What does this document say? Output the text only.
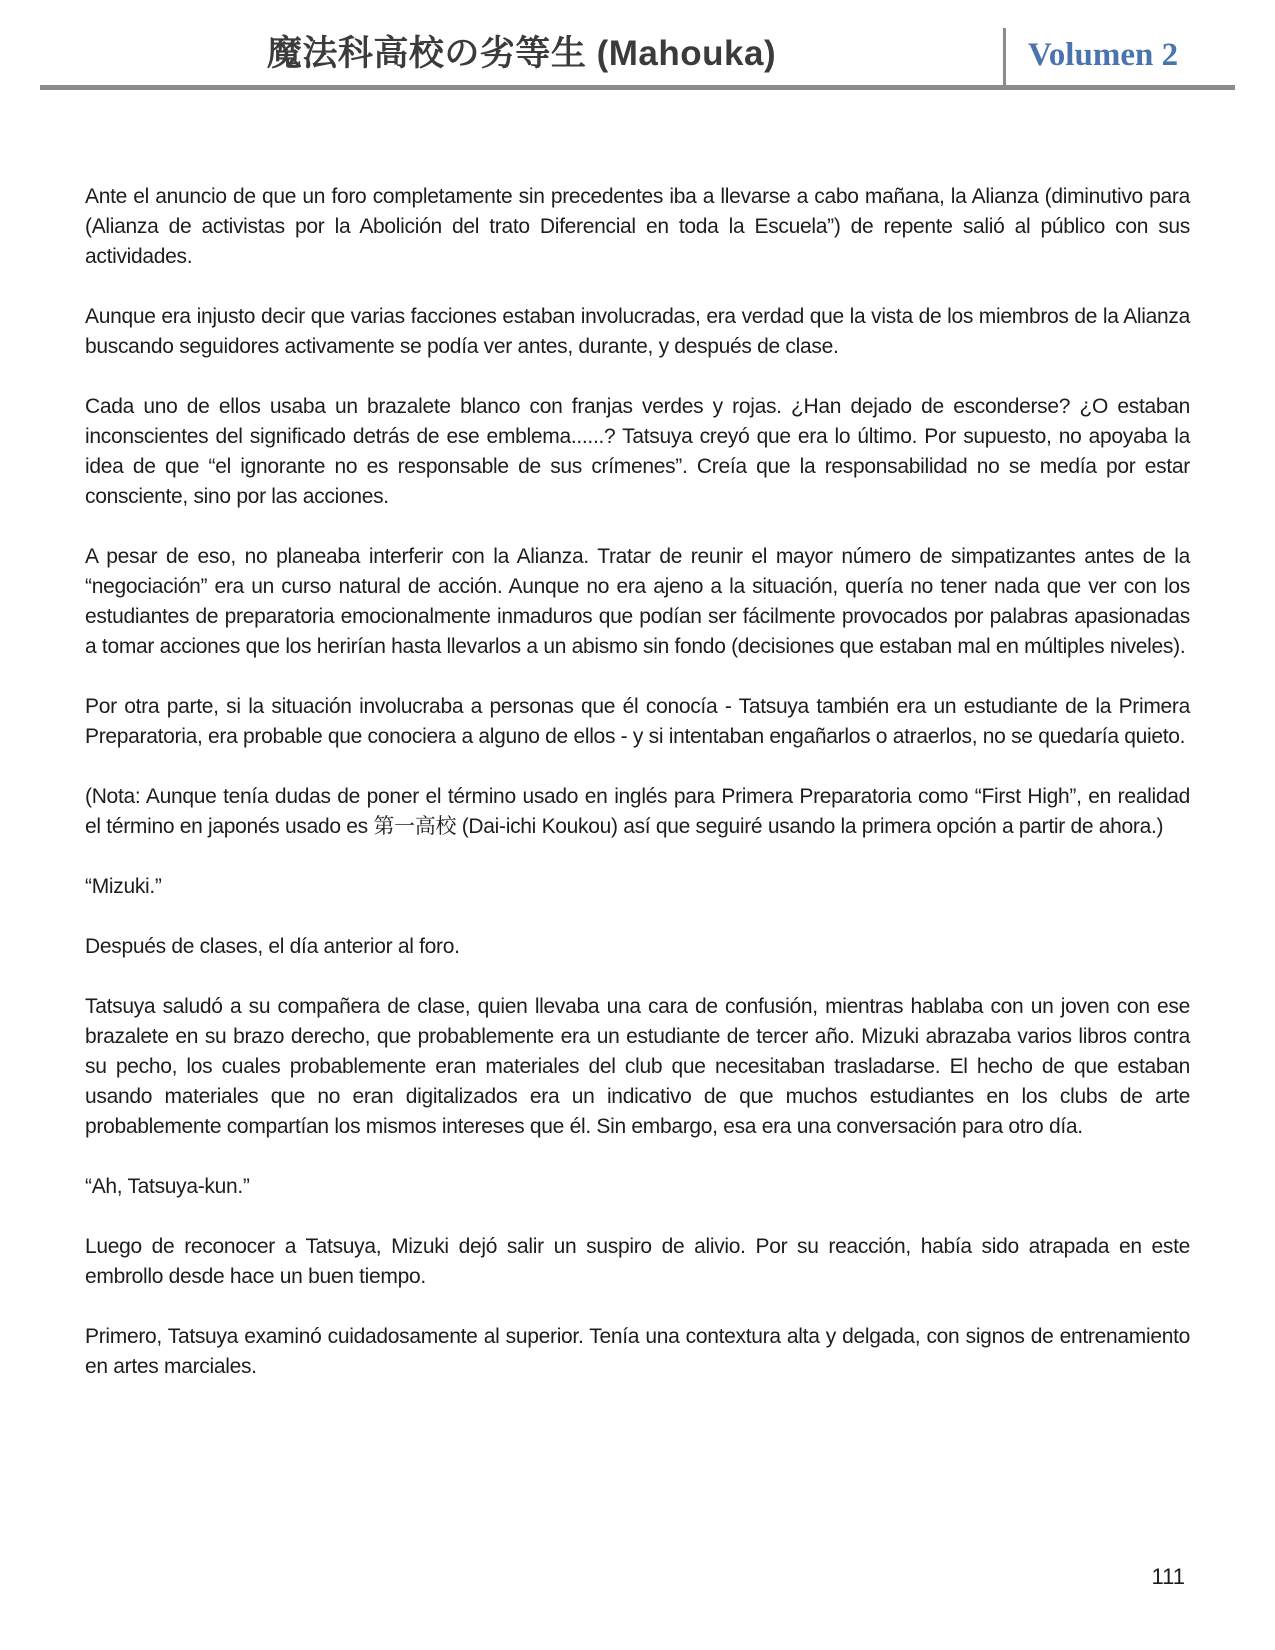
魔法科高校の劣等生 (Mahouka)	Volumen 2

Ante el anuncio de que un foro completamente sin precedentes iba a llevarse a cabo mañana, la Alianza (diminutivo para (Alianza de activistas por la Abolición del trato Diferencial en toda la Escuela”) de repente salió al público con sus actividades.

Aunque era injusto decir que varias facciones estaban involucradas, era verdad que la vista de los miembros de la Alianza buscando seguidores activamente se podía ver antes, durante, y después de clase.

Cada uno de ellos usaba un brazalete blanco con franjas verdes y rojas. ¿Han dejado de esconderse? ¿O estaban inconscientes del significado detrás de ese emblema......? Tatsuya creyó que era lo último. Por supuesto, no apoyaba la idea de que “el ignorante no es responsable de sus crímenes”. Creía que la responsabilidad no se medía por estar consciente, sino por las acciones.

A pesar de eso, no planeaba interferir con la Alianza. Tratar de reunir el mayor número de simpatizantes antes de la “negociación” era un curso natural de acción. Aunque no era ajeno a la situación, quería no tener nada que ver con los estudiantes de preparatoria emocionalmente inmaduros que podían ser fácilmente provocados por palabras apasionadas a tomar acciones que los herirían hasta llevarlos a un abismo sin fondo (decisiones que estaban mal en múltiples niveles).

Por otra parte, si la situación involucraba a personas que él conocía - Tatsuya también era un estudiante de la Primera Preparatoria, era probable que conociera a alguno de ellos - y si intentaban engañarlos o atraerlos, no se quedaría quieto.

(Nota: Aunque tenía dudas de poner el término usado en inglés para Primera Preparatoria como “First High”, en realidad el término en japonés usado es 第一高校 (Dai-ichi Koukou) así que seguiré usando la primera opción a partir de ahora.)

“Mizuki.”

Después de clases, el día anterior al foro.

Tatsuya saludó a su compañera de clase, quien llevaba una cara de confusión, mientras hablaba con un joven con ese brazalete en su brazo derecho, que probablemente era un estudiante de tercer año. Mizuki abrazaba varios libros contra su pecho, los cuales probablemente eran materiales del club que necesitaban trasladarse. El hecho de que estaban usando materiales que no eran digitalizados era un indicativo de que muchos estudiantes en los clubs de arte probablemente compartían los mismos intereses que él. Sin embargo, esa era una conversación para otro día.

“Ah, Tatsuya-kun.”

Luego de reconocer a Tatsuya, Mizuki dejó salir un suspiro de alivio. Por su reacción, había sido atrapada en este embrollo desde hace un buen tiempo.

Primero, Tatsuya examinó cuidadosamente al superior. Tenía una contextura alta y delgada, con signos de entrenamiento en artes marciales.

111
